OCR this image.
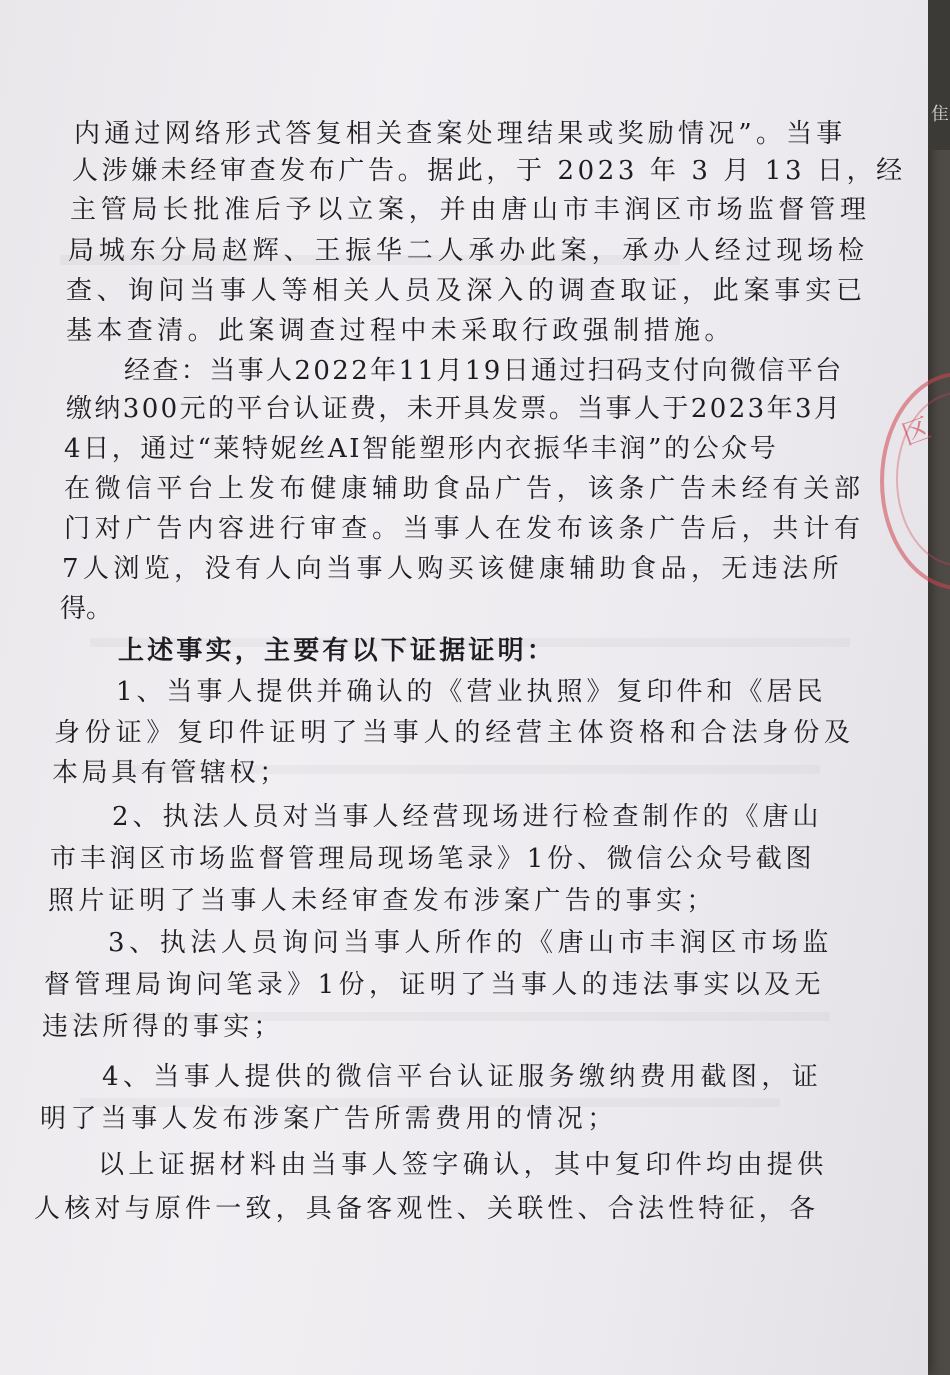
区
隹
内通过网络形式答复相关查案处理结果或奖励情况”。当事
人涉嫌未经审查发布广告。据此，于 2023 年 3 月 13 日，经
主管局长批准后予以立案，并由唐山市丰润区市场监督管理
局城东分局赵辉、王振华二人承办此案，承办人经过现场检
查、询问当事人等相关人员及深入的调查取证，此案事实已
基本查清。此案调查过程中未采取行政强制措施。
经查：当事人2022年11月19日通过扫码支付向微信平台
缴纳300元的平台认证费，未开具发票。当事人于2023年3月
4日，通过“莱特妮丝AI智能塑形内衣振华丰润”的公众号
在微信平台上发布健康辅助食品广告，该条广告未经有关部
门对广告内容进行审查。当事人在发布该条广告后，共计有
7人浏览，没有人向当事人购买该健康辅助食品，无违法所
得。
上述事实，主要有以下证据证明：
1、当事人提供并确认的《营业执照》复印件和《居民
身份证》复印件证明了当事人的经营主体资格和合法身份及
本局具有管辖权；
2、执法人员对当事人经营现场进行检查制作的《唐山
市丰润区市场监督管理局现场笔录》1份、微信公众号截图
照片证明了当事人未经审查发布涉案广告的事实；
3、执法人员询问当事人所作的《唐山市丰润区市场监
督管理局询问笔录》1份，证明了当事人的违法事实以及无
违法所得的事实；
4、当事人提供的微信平台认证服务缴纳费用截图，证
明了当事人发布涉案广告所需费用的情况；
以上证据材料由当事人签字确认，其中复印件均由提供
人核对与原件一致，具备客观性、关联性、合法性特征，各
